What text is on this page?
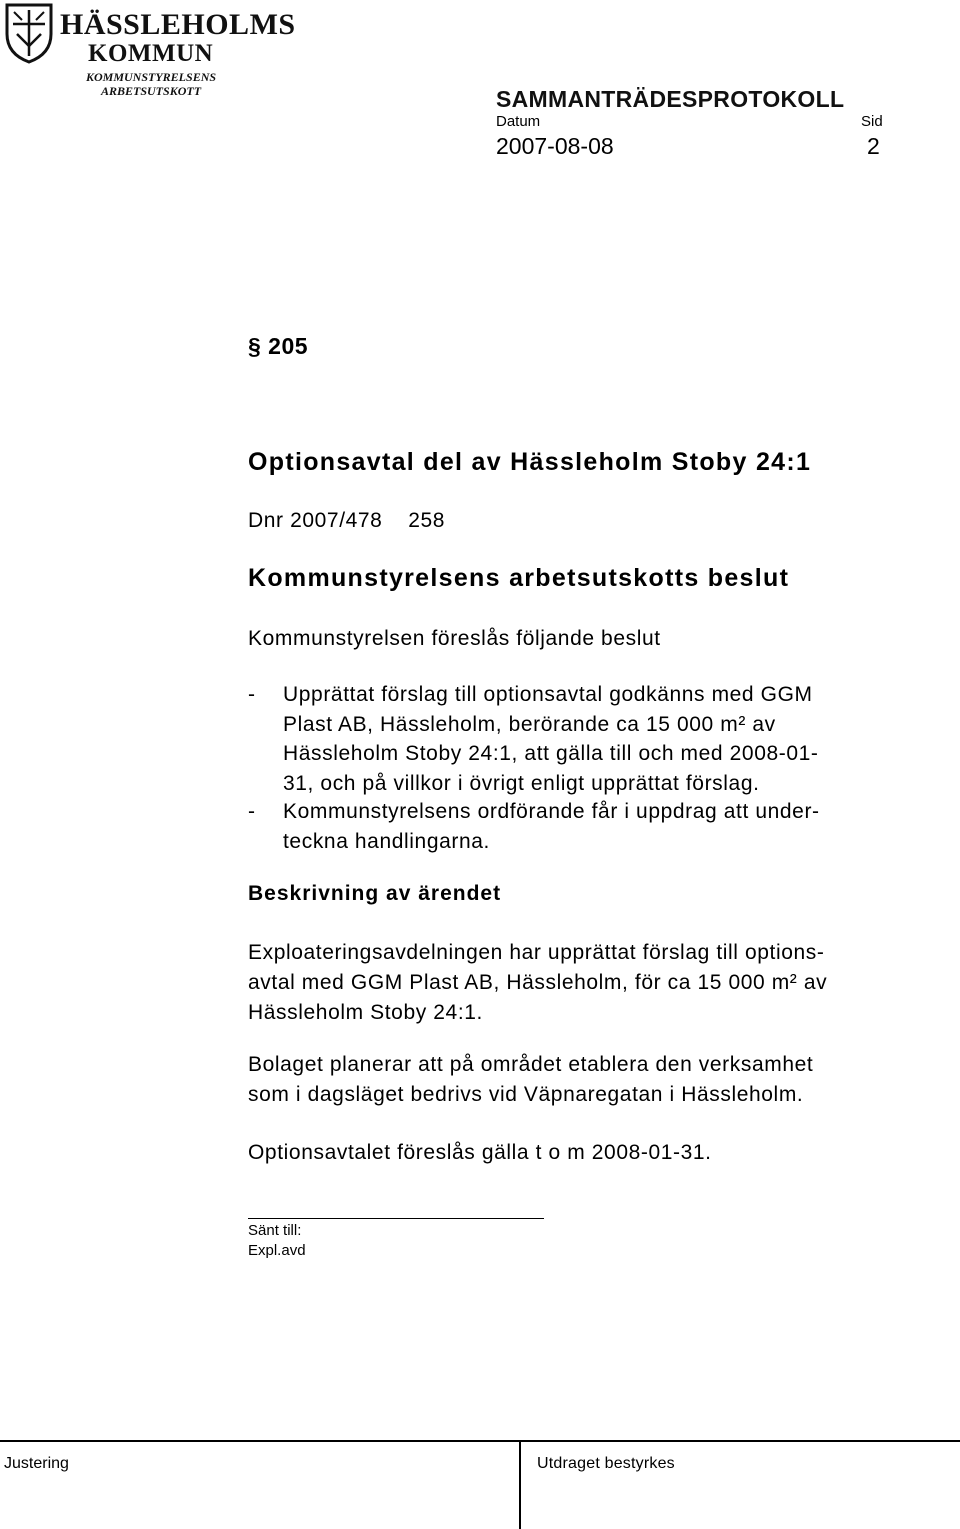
HÄSSLEHOLMS
KOMMUN
KOMMUNSTYRELSENS
ARBETSUTSKOTT	SAMMANTRÄDESPROTOKOLL
Datum	Sid
2007-08-08	2
§ 205
Optionsavtal del av Hässleholm Stoby 24:1
Dnr 2007/478    258
Kommunstyrelsens arbetsutskotts beslut
Kommunstyrelsen föreslås följande beslut
- Upprättat förslag till optionsavtal godkänns med GGM
Plast AB, Hässleholm, berörande ca 15 000 m² av
Hässleholm Stoby 24:1, att gälla till och med 2008-01-
31, och på villkor i övrigt enligt upprättat förslag.
- Kommunstyrelsens ordförande får i uppdrag att under-
teckna handlingarna.
Beskrivning av ärendet
Exploateringsavdelningen har upprättat förslag till options-
avtal med GGM Plast AB, Hässleholm, för ca 15 000 m² av
Hässleholm Stoby 24:1.
Bolaget planerar att på området etablera den verksamhet
som i dagsläget bedrivs vid Väpnaregatan i Hässleholm.
Optionsavtalet föreslås gälla t o m 2008-01-31.
Sänt till:
Expl.avd
Justering	Utdraget bestyrkes
